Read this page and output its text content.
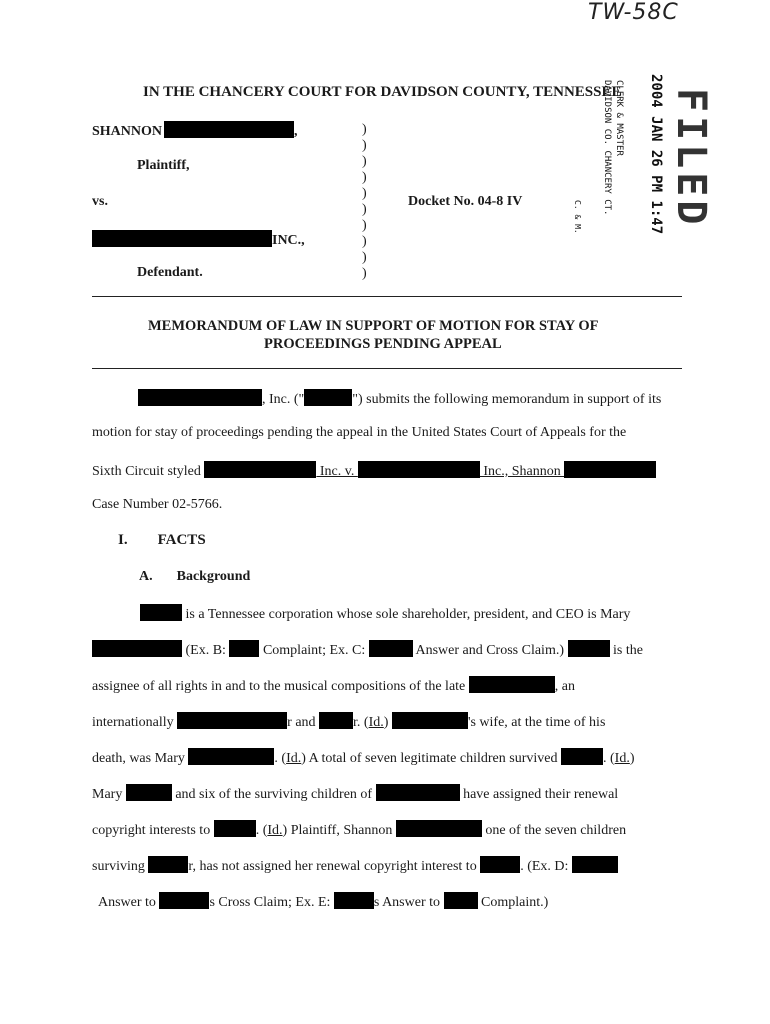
TW-58C
IN THE CHANCERY COURT FOR DAVIDSON COUNTY, TENNESSEE 2004 JAN 26 PM 1:47
CLERK & MASTER
DAVIDSON CO. CHANCERY CT.
C. & M. FILED
SHANNON	,
Plaintiff,
vs.	Docket No. 04-8 IV
INC.,
Defendant.
)
)
)
)
)
)
)
)
)
)
MEMORANDUM OF LAW IN SUPPORT OF MOTION FOR STAY OF
PROCEEDINGS PENDING APPEAL
, Inc. ("	") submits the following memorandum in support of its
motion for stay of proceedings pending the appeal in the United States Court of Appeals for the
Sixth Circuit styled	Inc. v.	Inc., Shannon
Case Number 02-5766.
I. FACTS
A. Background
is a Tennessee corporation whose sole shareholder, president, and CEO is Mary
(Ex. B:  Complaint; Ex. C:	Answer and Cross Claim.)	is the
assignee of all rights in and to the musical compositions of the late	, an
internationally	r and r. (Id.)	's wife, at the time of his
death, was Mary	. (Id.) A total of seven legitimate children survived	. (Id.)
Mary	and six of the surviving children of	have assigned their renewal
copyright interests to	. (Id.) Plaintiff, Shannon	one of the seven children
surviving	r, has not assigned her renewal copyright interest to	. (Ex. D:
Answer to	s Cross Claim; Ex. E:	s Answer to  Complaint.)
